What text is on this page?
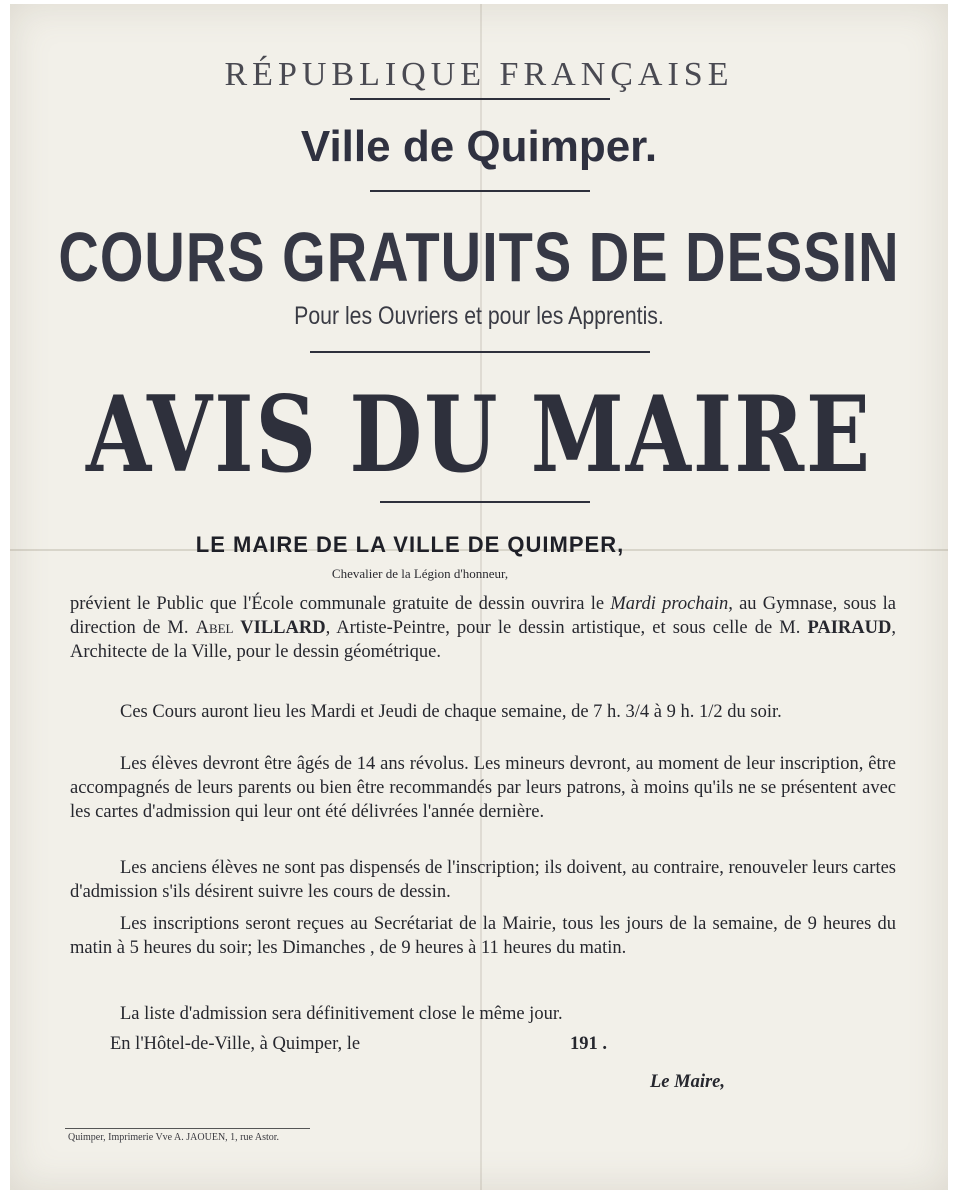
RÉPUBLIQUE FRANÇAISE
Ville de Quimper.
COURS GRATUITS DE DESSIN
Pour les Ouvriers et pour les Apprentis.
AVIS DU MAIRE
LE MAIRE DE LA VILLE DE QUIMPER,
Chevalier de la Légion d'honneur,
prévient le Public que l'École communale gratuite de dessin ouvrira le Mardi prochain, au Gymnase, sous la direction de M. Abel VILLARD, Artiste-Peintre, pour le dessin artistique, et sous celle de M. PAIRAUD, Architecte de la Ville, pour le dessin géométrique.
Ces Cours auront lieu les Mardi et Jeudi de chaque semaine, de 7 h. 3/4 à 9 h. 1/2 du soir.
Les élèves devront être âgés de 14 ans révolus. Les mineurs devront, au moment de leur inscription, être accompagnés de leurs parents ou bien être recommandés par leurs patrons, à moins qu'ils ne se présentent avec les cartes d'admission qui leur ont été délivrées l'année dernière.
Les anciens élèves ne sont pas dispensés de l'inscription; ils doivent, au contraire, renouveler leurs cartes d'admission s'ils désirent suivre les cours de dessin.
Les inscriptions seront reçues au Secrétariat de la Mairie, tous les jours de la semaine, de 9 heures du matin à 5 heures du soir; les Dimanches , de 9 heures à 11 heures du matin.
La liste d'admission sera définitivement close le même jour.
En l'Hôtel-de-Ville, à Quimper, le	191 .
Le Maire,
Quimper, Imprimerie Vve A. JAOUEN, 1, rue Astor.
